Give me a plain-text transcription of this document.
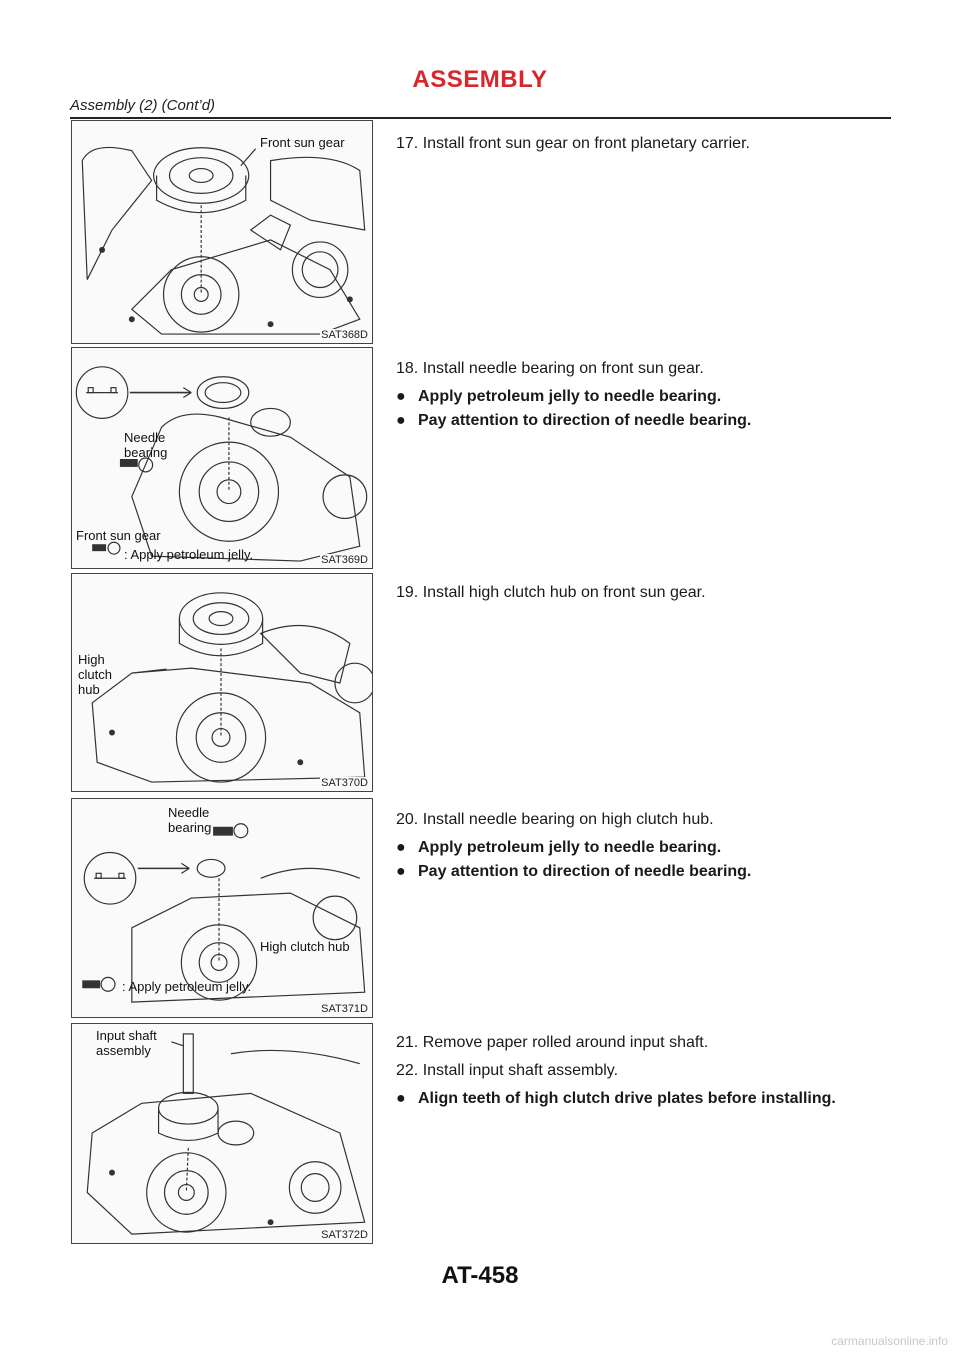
ASSEMBLY
Assembly (2) (Cont’d)
Front sun gear
SAT368D
17. Install front sun gear on front planetary carrier.
Needle bearing
Front sun gear
: Apply petroleum jelly.	SAT369D
18. Install needle bearing on front sun gear.
● Apply petroleum jelly to needle bearing.
● Pay attention to direction of needle bearing.
High clutch hub
SAT370D
19. Install high clutch hub on front sun gear.
Needle bearing
High clutch hub
: Apply petroleum jelly.
SAT371D
20. Install needle bearing on high clutch hub.
● Apply petroleum jelly to needle bearing.
● Pay attention to direction of needle bearing.
Input shaft assembly
SAT372D
21. Remove paper rolled around input shaft.
22. Install input shaft assembly.
● Align teeth of high clutch drive plates before installing.
AT-458
carmanualsonline.info
